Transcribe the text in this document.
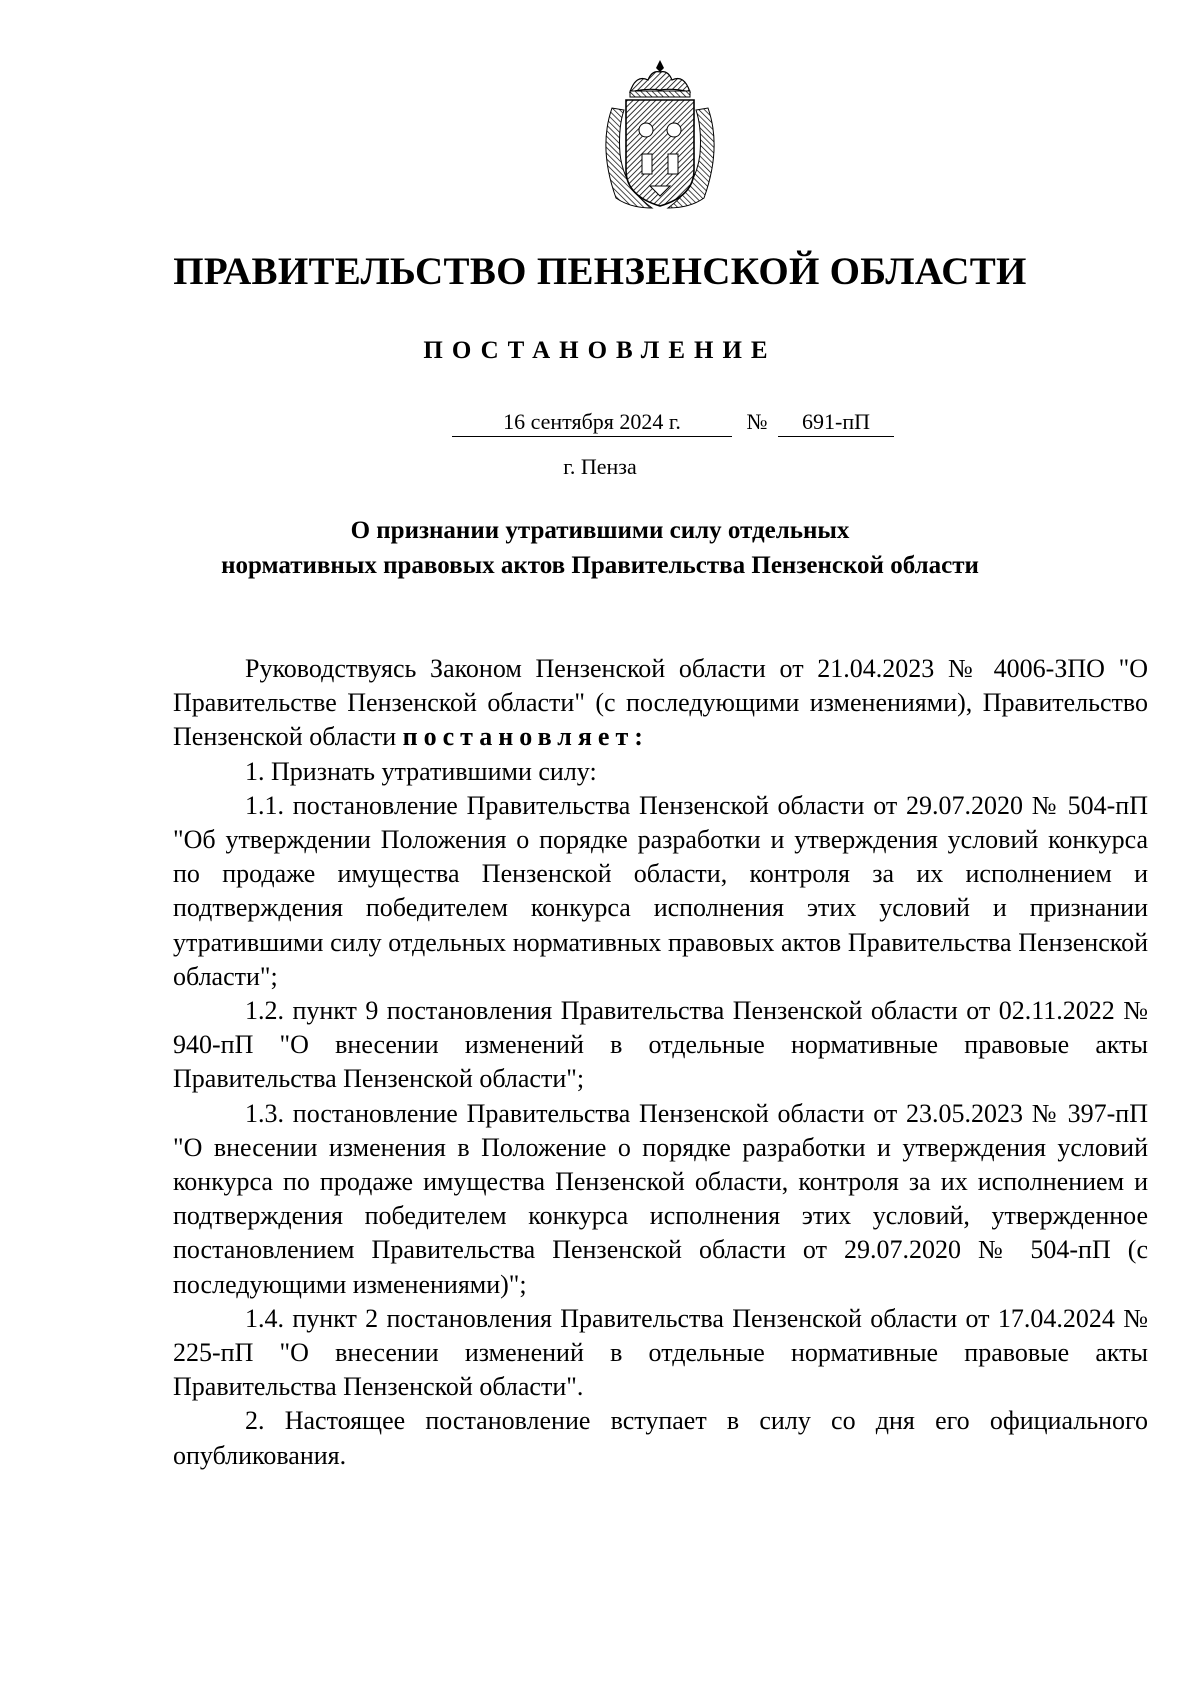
ПРАВИТЕЛЬСТВО ПЕНЗЕНСКОЙ ОБЛАСТИ
ПОСТАНОВЛЕНИЕ
16 сентября 2024 г.	№	691-пП
г. Пенза
О признании утратившими силу отдельных
нормативных правовых актов Правительства Пензенской области

Руководствуясь Законом Пензенской области от 21.04.2023 № 4006-ЗПО "О Правительстве Пензенской области" (с последующими изменениями), Правительство Пензенской области постановляет:

1. Признать утратившими силу:

1.1. постановление Правительства Пензенской области от 29.07.2020 № 504-пП "Об утверждении Положения о порядке разработки и утверждения условий конкурса по продаже имущества Пензенской области, контроля за их исполнением и подтверждения победителем конкурса исполнения этих условий и признании утратившими силу отдельных нормативных правовых актов Правительства Пензенской области";

1.2. пункт 9 постановления Правительства Пензенской области от 02.11.2022 № 940-пП "О внесении изменений в отдельные нормативные правовые акты Правительства Пензенской области";

1.3. постановление Правительства Пензенской области от 23.05.2023 № 397-пП "О внесении изменения в Положение о порядке разработки и утверждения условий конкурса по продаже имущества Пензенской области, контроля за их исполнением и подтверждения победителем конкурса исполнения этих условий, утвержденное постановлением Правительства Пензенской области от 29.07.2020 № 504-пП (с последующими изменениями)";

1.4. пункт 2 постановления Правительства Пензенской области от 17.04.2024 № 225-пП "О внесении изменений в отдельные нормативные правовые акты Правительства Пензенской области".

2. Настоящее постановление вступает в силу со дня его официального опубликования.
